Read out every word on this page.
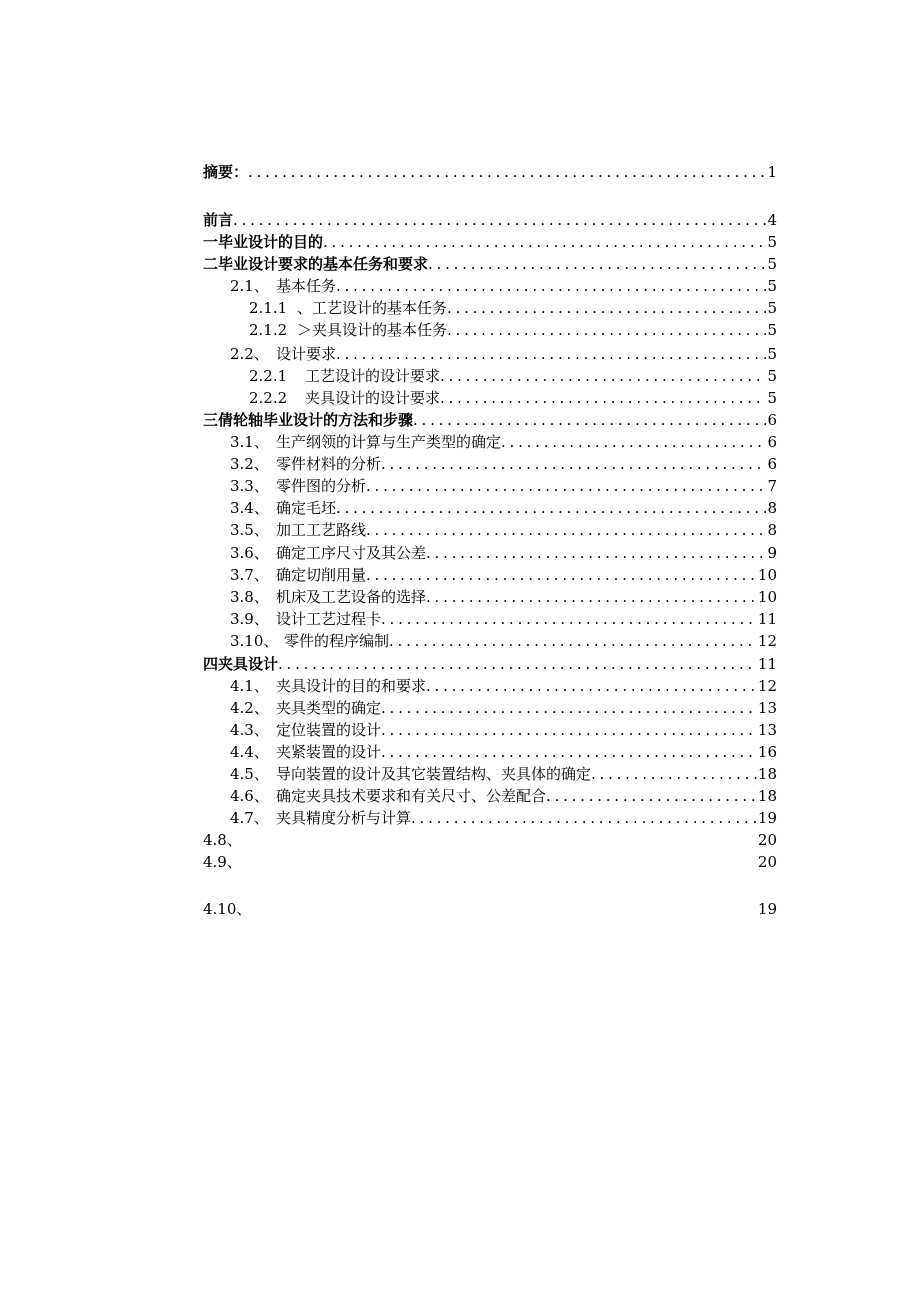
摘要： . . .	1
前言 . . .	4
一毕业设计的目的 . . .	5
二毕业设计要求的基本任务和要求 . . .	5
2.1、 基本任务 . . .	5
2.1.1 、工艺设计的基本任务 . . .	5
2.1.2 ＞夹具设计的基本任务 . . .	5
2.2、 设计要求 . . .	5
2.2.1	工艺设计的设计要求 . . .	5
2.2.2	夹具设计的设计要求 . . .	5
三倩轮轴毕业设计的方法和步骤 . . .	6
3.1、 生产纲领的计算与生产类型的确定 . . .	6
3.2、 零件材料的分析 . . .	6
3.3、 零件图的分析 . . .	7
3.4、 确定毛坯 . . .	8
3.5、 加工工艺路线 . . .	8
3.6、 确定工序尺寸及其公差 . . .	9
3.7、 确定切削用量 . . .	10
3.8、 机床及工艺设备的选择 . . .	10
3.9、 设计工艺过程卡 . . .	11
3.10、 零件的程序编制 . . .	12
四夹具设计 . . .	11
4.1、 夹具设计的目的和要求 . . .	12
4.2、 夹具类型的确定 . . .	13
4.3、 定位装置的设计 . . .	13
4.4、 夹紧装置的设计 . . .	16
4.5、 导向装置的设计及其它装置结构、夹具体的确定 . . .	18
4.6、 确定夹具技术要求和有关尺寸、公差配合 . . .	18
4.7、 夹具精度分析与计算 . . .	19
4.8、	20
4.9、	20
4.10、	19
